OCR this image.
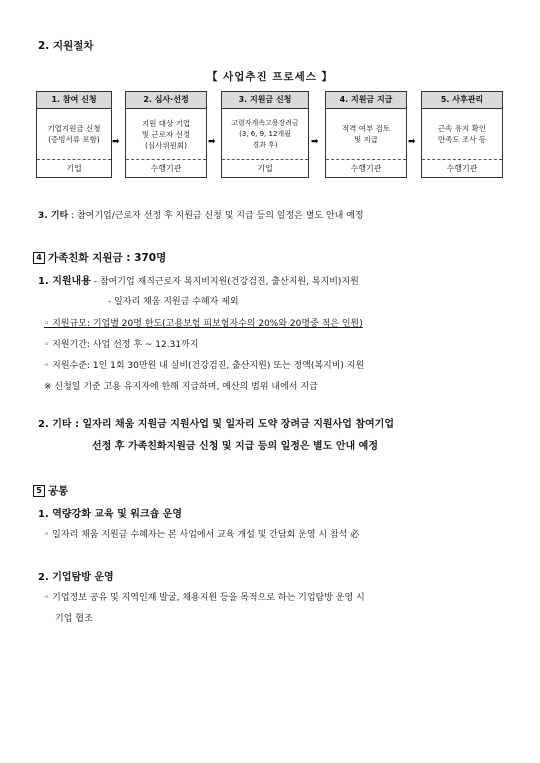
2. 지원절차
【 사업추진 프로세스 】
1. 참여 신청
기업지원금 신청
(증빙서류 포함)
기업
➡
2. 심사·선정
지원 대상 기업
및 근로자 선정
(심사위원회)
수행기관
➡
3. 지원금 신청
고령자계속고용장려금
(3, 6, 9, 12개월
경과 후)
기업
➡
4. 지원금 지급
적격 여부 검토
및 지급
수행기관
➡
5. 사후관리
근속 유지 확인
만족도 조사 등
수행기관
3. 기타 : 참여기업/근로자 선정 후 지원금 신청 및 지급 등의 일정은 별도 안내 예정
4 가족친화 지원금 : 370명
1. 지원내용 - 참여기업 재직근로자 복지비지원(건강검진, 출산지원, 복지비)지원
- 일자리 채움 지원금 수혜자 제외
◦ 지원규모: 기업별 20명 한도(고용보험 피보험자수의 20%와 20명중 적은 인원)
◦ 지원기간: 사업 선정 후 ~ 12.31까지
◦ 지원수준: 1인 1회 30만원 내 실비(건강검진, 출산지원) 또는 정액(복지비) 지원
※ 신청일 기준 고용 유지자에 한해 지급하며, 예산의 범위 내에서 지급
2. 기타 : 일자리 채움 지원금 지원사업 및 일자리 도약 장려금 지원사업 참여기업
선정 후 가족친화지원금 신청 및 지급 등의 일정은 별도 안내 예정
5 공통
1. 역량강화 교육 및 워크숍 운영
◦ 일자리 채움 지원금 수혜자는 본 사업에서 교육 개설 및 간담회 운영 시 참석 必
2. 기업탐방 운영
◦ 기업정보 공유 및 지역인재 발굴, 채용지원 등을 목적으로 하는 기업탐방 운영 시
기업 협조
